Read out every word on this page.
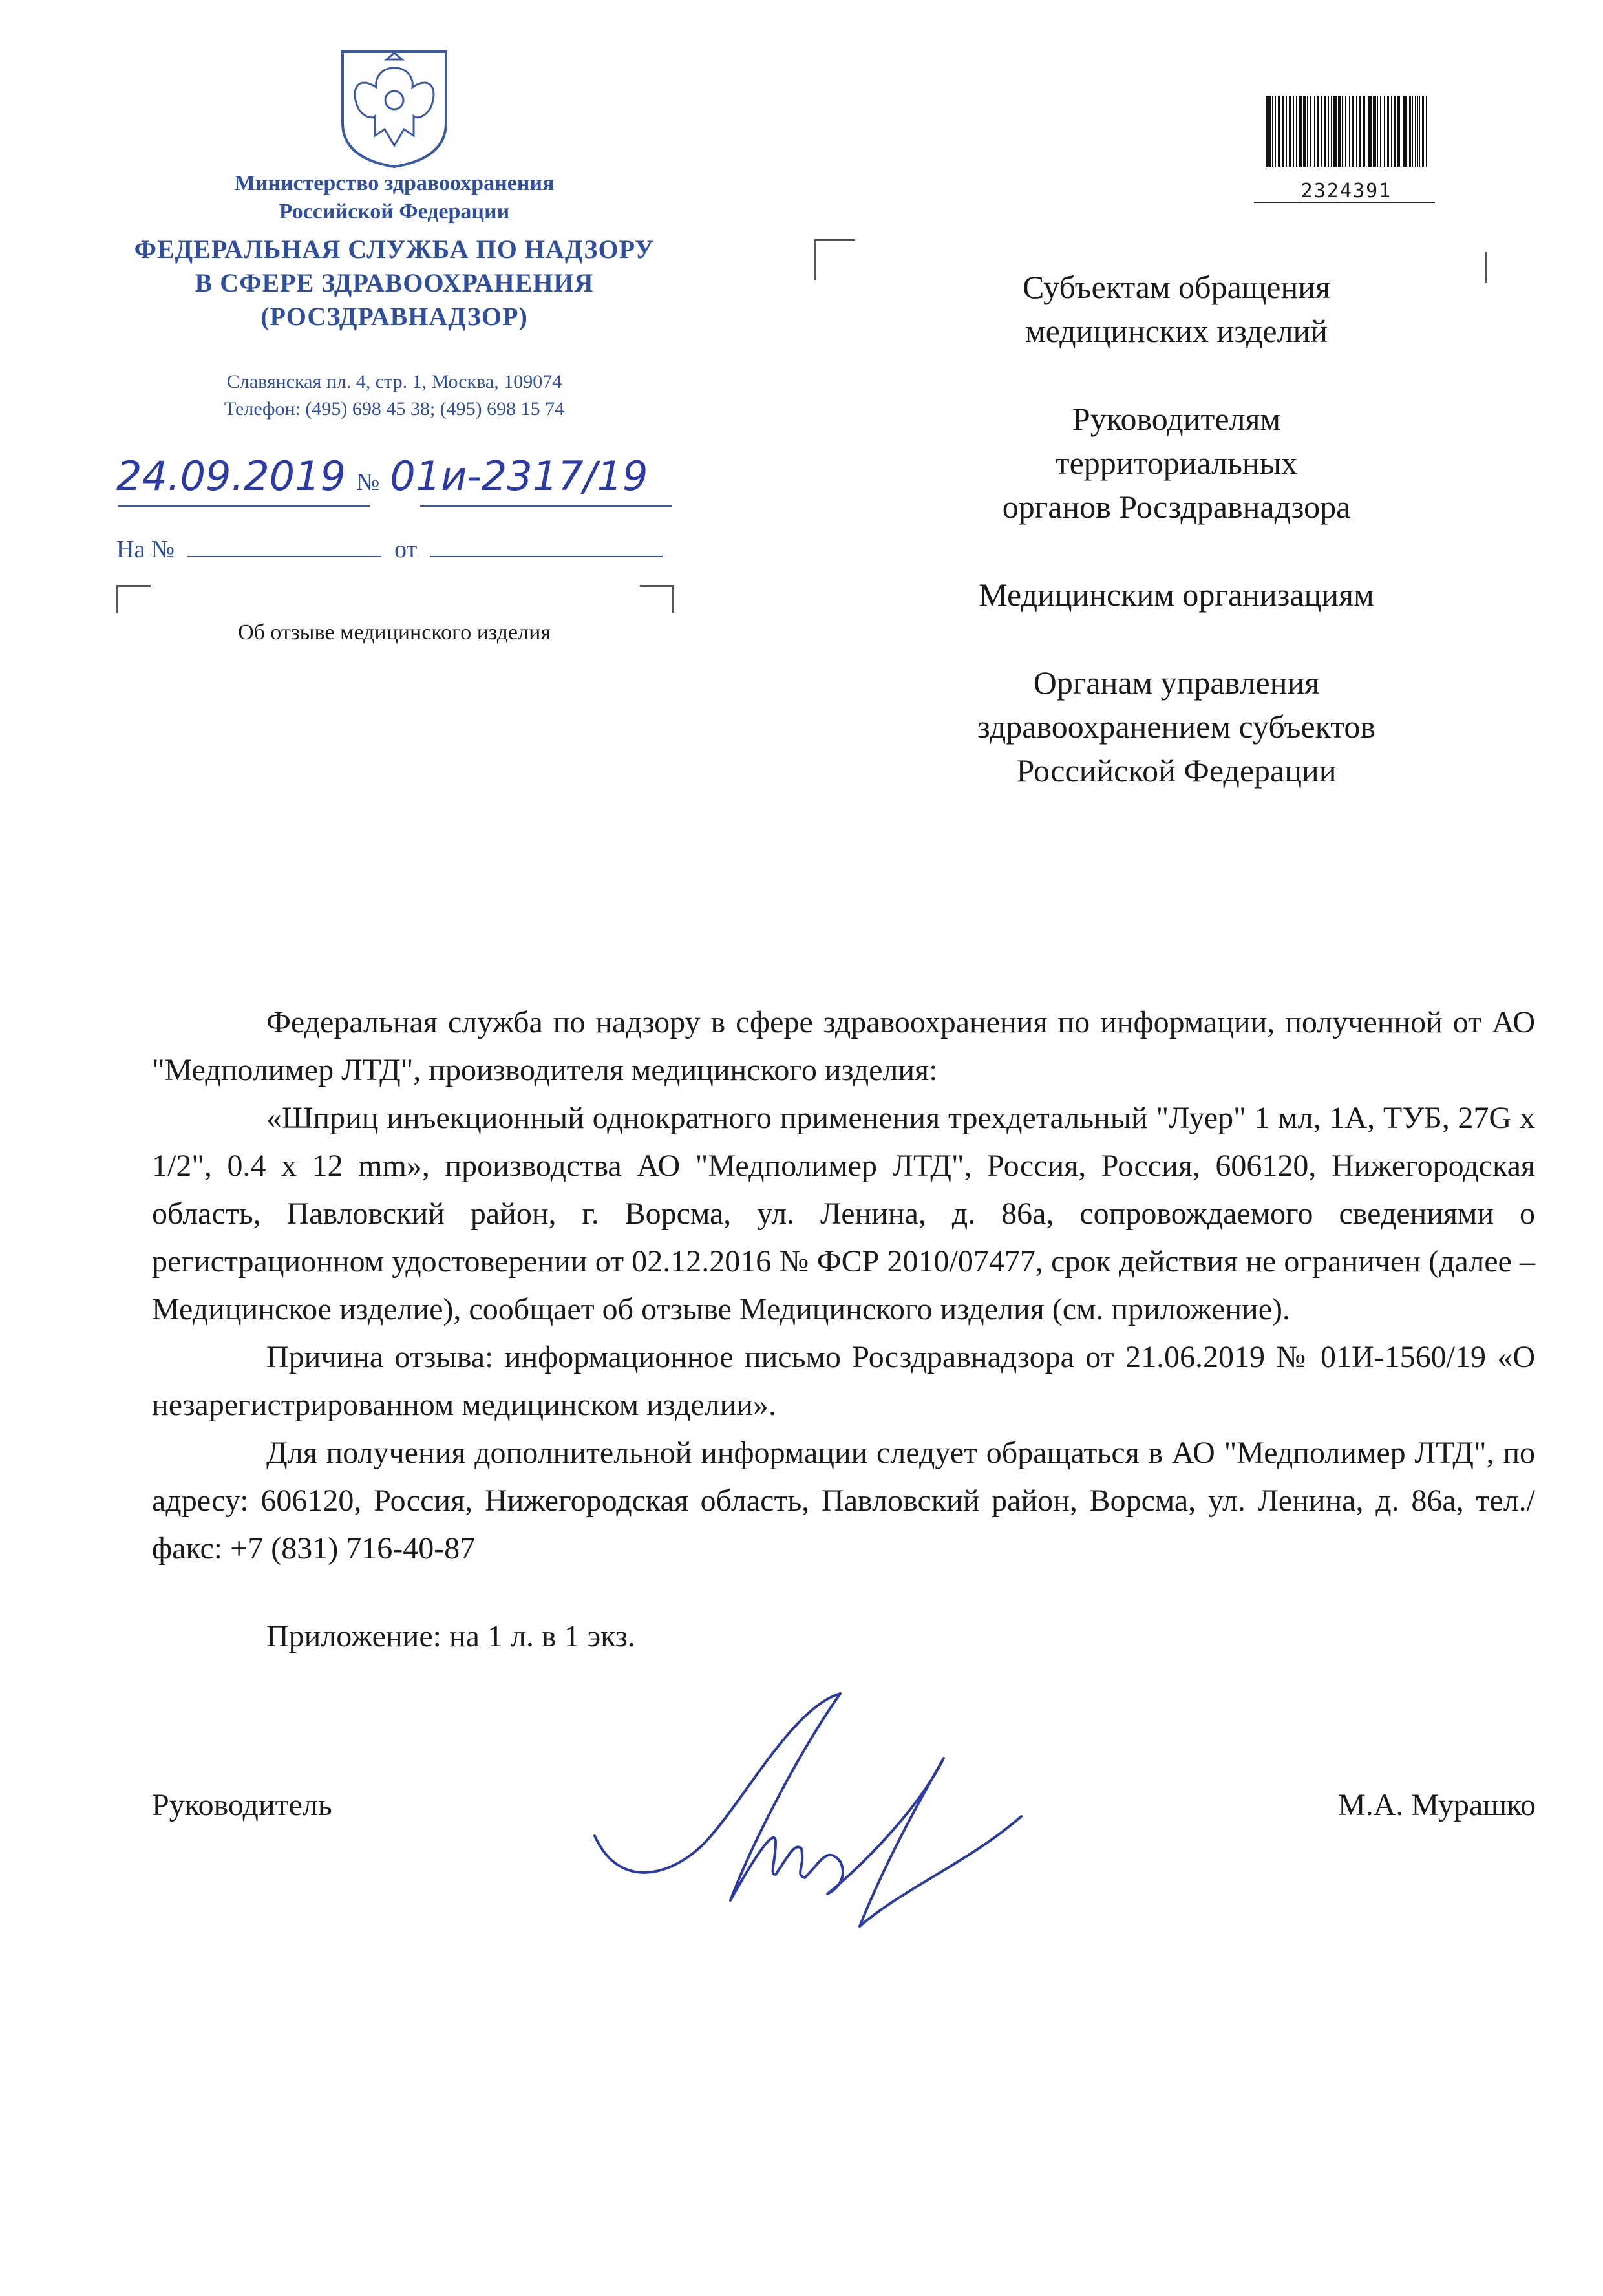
Министерство здравоохранения
Российской Федерации
ФЕДЕРАЛЬНАЯ СЛУЖБА ПО НАДЗОРУ
В СФЕРЕ ЗДРАВООХРАНЕНИЯ
(РОСЗДРАВНАДЗОР)
Славянская пл. 4, стр. 1, Москва, 109074
Телефон: (495) 698 45 38; (495) 698 15 74
24.09.2019 № 01и-2317/19
На №	от
Об отзыве медицинского изделия
2324391
Субъектам обращения
медицинских изделий
Руководителям
территориальных
органов Росздравнадзора
Медицинским организациям
Органам управления
здравоохранением субъектов
Российской Федерации

Федеральная служба по надзору в сфере здравоохранения по информации, полученной от АО "Медполимер ЛТД", производителя медицинского изделия:

«Шприц инъекционный однократного применения трехдетальный "Луер" 1 мл, 1А, ТУБ, 27G x 1/2", 0.4 x 12 mm», производства АО "Медполимер ЛТД", Россия, Россия, 606120, Нижегородская область, Павловский район, г. Ворсма, ул. Ленина, д. 86а, сопровождаемого сведениями о регистрационном удостоверении от 02.12.2016 № ФСР 2010/07477, срок действия не ограничен (далее – Медицинское изделие), сообщает об отзыве Медицинского изделия (см. приложение).

Причина отзыва: информационное письмо Росздравнадзора от 21.06.2019 № 01И-1560/19 «О незарегистрированном медицинском изделии».

Для получения дополнительной информации следует обращаться в АО "Медполимер ЛТД", по адресу: 606120, Россия, Нижегородская область, Павловский район, Ворсма, ул. Ленина, д. 86а, тел./факс: +7 (831) 716-40-87

Приложение: на 1 л. в 1 экз.
Руководитель	М.А. Мурашко
